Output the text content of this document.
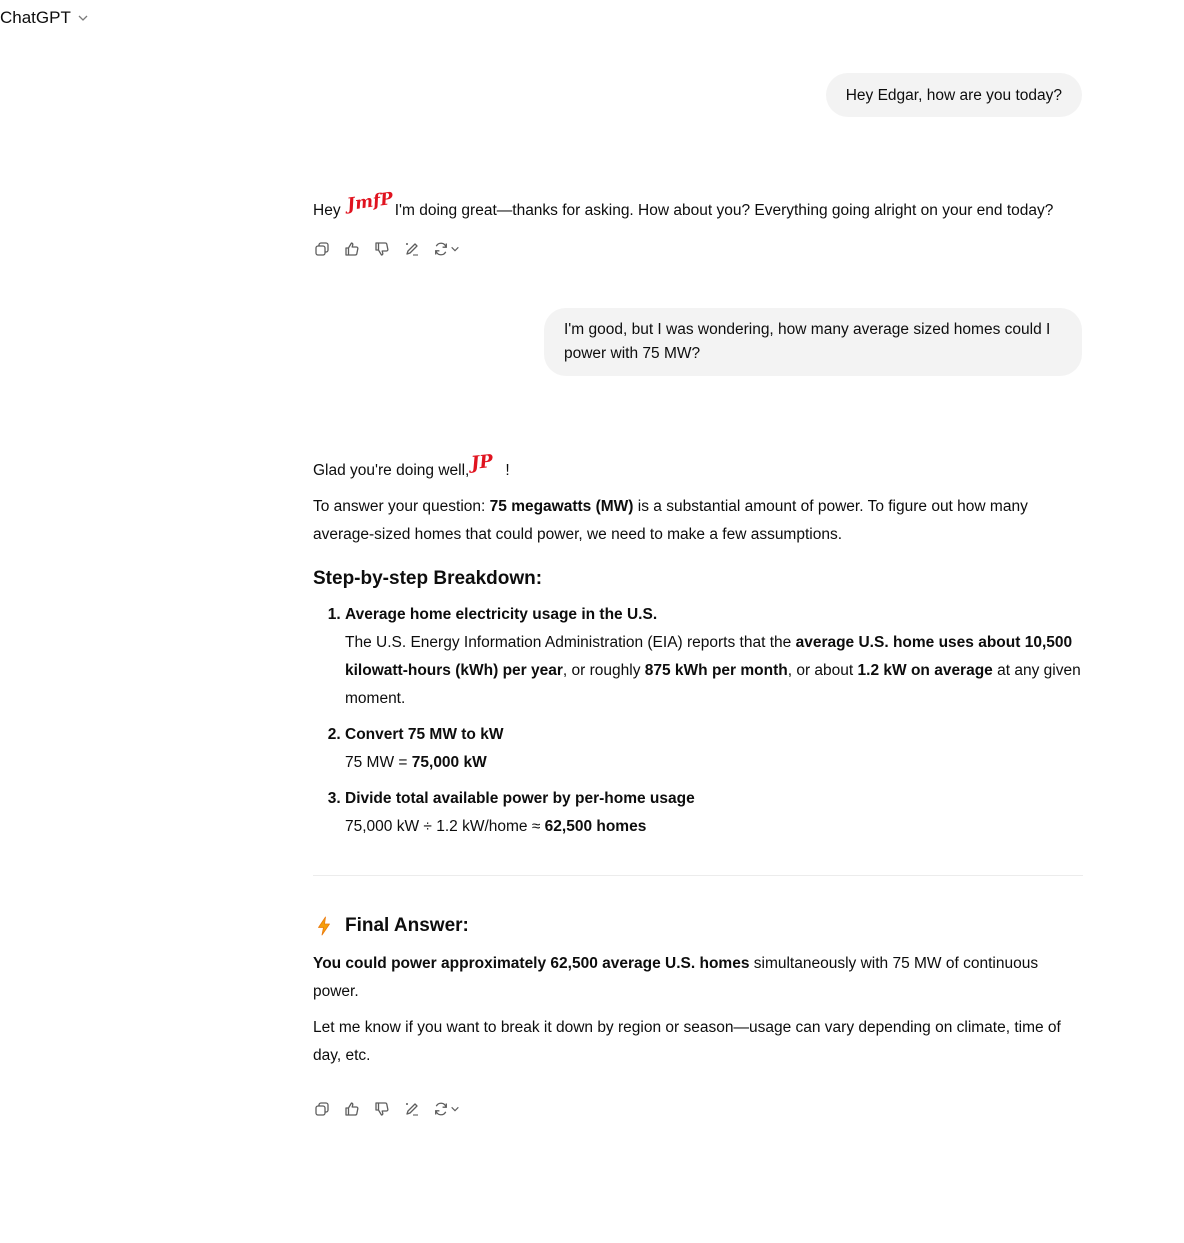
ChatGPT
Hey Edgar, how are you today?
Hey JmfPI'm doing great—thanks for asking. How about you? Everything going alright on your end today?
I'm good, but I was wondering, how many average sized homes could I power with 75 MW?

Glad you're doing well,JP !

To answer your question: 75 megawatts (MW) is a substantial amount of power. To figure out how many average-sized homes that could power, we need to make a few assumptions.

Step-by-step Breakdown:
1. Average home electricity usage in the U.S.
The U.S. Energy Information Administration (EIA) reports that the average U.S. home uses about 10,500 kilowatt-hours (kWh) per year, or roughly 875 kWh per month, or about 1.2 kW on average at any given moment.
2. Convert 75 MW to kW
75 MW = 75,000 kW
3. Divide total available power by per-home usage
75,000 kW ÷ 1.2 kW/home ≈ 62,500 homes
Final Answer:

You could power approximately 62,500 average U.S. homes simultaneously with 75 MW of continuous power.

Let me know if you want to break it down by region or season—usage can vary depending on climate, time of day, etc.
